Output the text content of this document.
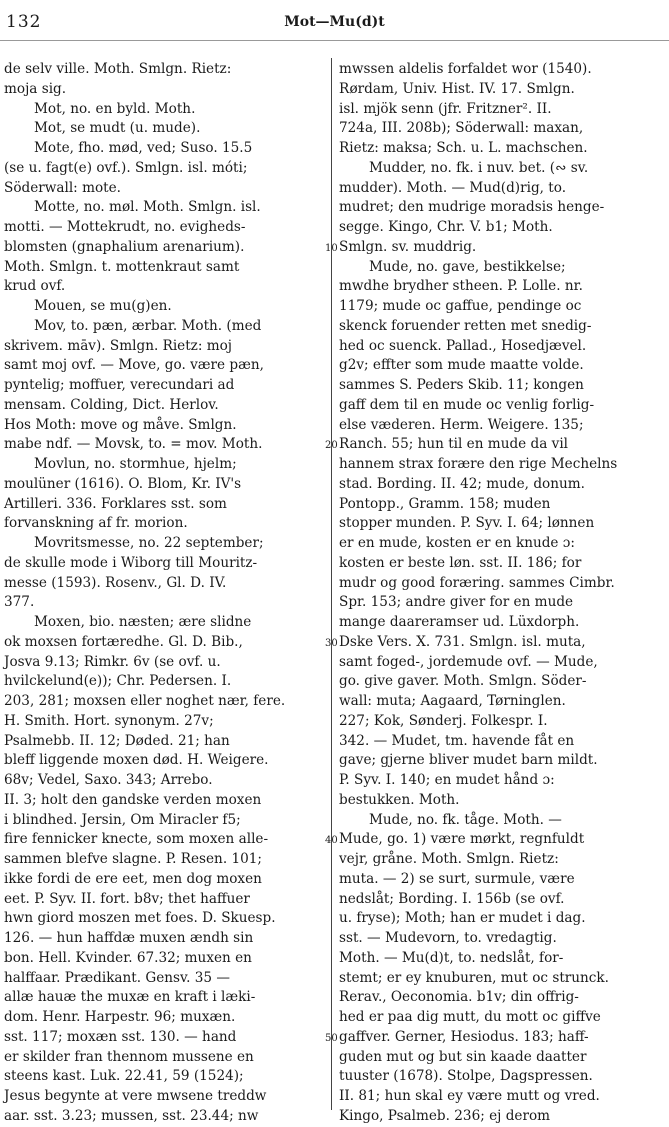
132	Mot—Mu(d)t
de selv ville. Moth. Smlgn. Rietz:
moja sig.
Mot, no. en byld. Moth.
Mot, se mudt (u. mude).
Mote, fho. mød, ved; Suso. 15.5
(se u. fagt(e) ovf.). Smlgn. isl. móti;
Söderwall: mote.
Motte, no. møl. Moth. Smlgn. isl.
motti. — Mottekrudt, no. evigheds-
blomsten (gnaphalium arenarium).
Moth. Smlgn. t. mottenkraut samt
krud ovf.
Mouen, se mu(g)en.
Mov, to. pæn, ærbar. Moth. (med
skrivem. māv). Smlgn. Rietz: moj
samt moj ovf. — Move, go. være pæn,
pyntelig; moffuer, verecundari ad
mensam. Colding, Dict. Herlov.
Hos Moth: move og måve. Smlgn.
mabe ndf. — Movsk, to. = mov. Moth.
Movlun, no. stormhue, hjelm;
moulüner (1616). O. Blom, Kr. IV's
Artilleri. 336. Forklares sst. som
forvanskning af fr. morion.
Movritsmesse, no. 22 september;
de skulle mode i Wiborg till Mouritz-
messe (1593). Rosenv., Gl. D. IV.
377.
Moxen, bio. næsten; ære slidne
ok moxsen fortæredhe. Gl. D. Bib.,
Josva 9.13; Rimkr. 6v (se ovf. u.
hvilckelund(e)); Chr. Pedersen. I.
203, 281; moxsen eller noghet nær, fere.
H. Smith. Hort. synonym. 27v;
Psalmebb. II. 12; Døded. 21; han
bleff liggende moxen død. H. Weigere.
68v; Vedel, Saxo. 343; Arrebo.
II. 3; holt den gandske verden moxen
i blindhed. Jersin, Om Miracler f5;
fire fennicker knecte, som moxen alle-
sammen blefve slagne. P. Resen. 101;
ikke fordi de ere eet, men dog moxen
eet. P. Syv. II. fort. b8v; thet haffuer
hwn giord moszen met foes. D. Skuesp.
126. — hun haffdæ muxen ændh sin
bon. Hell. Kvinder. 67.32; muxen en
halffaar. Prædikant. Gensv. 35 —
allæ hauæ the muxæ en kraft i læki-
dom. Henr. Harpestr. 96; muxæn.
sst. 117; moxæn sst. 130. — hand
er skilder fran thennom mussene en
steens kast. Luk. 22.41, 59 (1524);
Jesus begynte at vere mwsene treddw
aar. sst. 3.23; mussen, sst. 23.44; nw
mwssen aldelis forfaldet wor (1540).
Rørdam, Univ. Hist. IV. 17. Smlgn.
isl. mjök senn (jfr. Fritzner². II.
724a, III. 208b); Söderwall: maxan,
Rietz: maksa; Sch. u. L. machschen.
Mudder, no. fk. i nuv. bet. (∾ sv.
mudder). Moth. — Mud(d)rig, to.
mudret; den mudrige moradsis henge-
segge. Kingo, Chr. V. b1; Moth.
Smlgn. sv. muddrig.
Mude, no. gave, bestikkelse;
mwdhe brydher stheen. P. Lolle. nr.
1179; mude oc gaffue, pendinge oc
skenck foruender retten met snedig-
hed oc suenck. Pallad., Hosedjævel.
g2v; effter som mude maatte volde.
sammes S. Peders Skib. 11; kongen
gaff dem til en mude oc venlig forlig-
else væderen. Herm. Weigere. 135;
Ranch. 55; hun til en mude da vil
hannem strax forære den rige Mechelns
stad. Bording. II. 42; mude, donum.
Pontopp., Gramm. 158; muden
stopper munden. P. Syv. I. 64; lønnen
er en mude, kosten er en knude ɔ:
kosten er beste løn. sst. II. 186; for
mudr og good foræring. sammes Cimbr.
Spr. 153; andre giver for en mude
mange daareramser ud. Lüxdorph.
Dske Vers. X. 731. Smlgn. isl. muta,
samt foged-, jordemude ovf. — Mude,
go. give gaver. Moth. Smlgn. Söder-
wall: muta; Aagaard, Tørninglen.
227; Kok, Sønderj. Folkespr. I.
342. — Mudet, tm. havende fåt en
gave; gjerne bliver mudet barn mildt.
P. Syv. I. 140; en mudet hånd ɔ:
bestukken. Moth.
Mude, no. fk. tåge. Moth. —
Mude, go. 1) være mørkt, regnfuldt
vejr, gråne. Moth. Smlgn. Rietz:
muta. — 2) se surt, surmule, være
nedslåt; Bording. I. 156b (se ovf.
u. fryse); Moth; han er mudet i dag.
sst. — Mudevorn, to. vredagtig.
Moth. — Mu(d)t, to. nedslåt, for-
stemt; er ey knuburen, mut oc strunck.
Rerav., Oeconomia. b1v; din offrig-
hed er paa dig mutt, du mott oc giffve
gaffver. Gerner, Hesiodus. 183; haff-
guden mut og but sin kaade daatter
tuuster (1678). Stolpe, Dagspressen.
II. 81; hun skal ey være mutt og vred.
Kingo, Psalmeb. 236; ej derom
10
20
30
40
50
